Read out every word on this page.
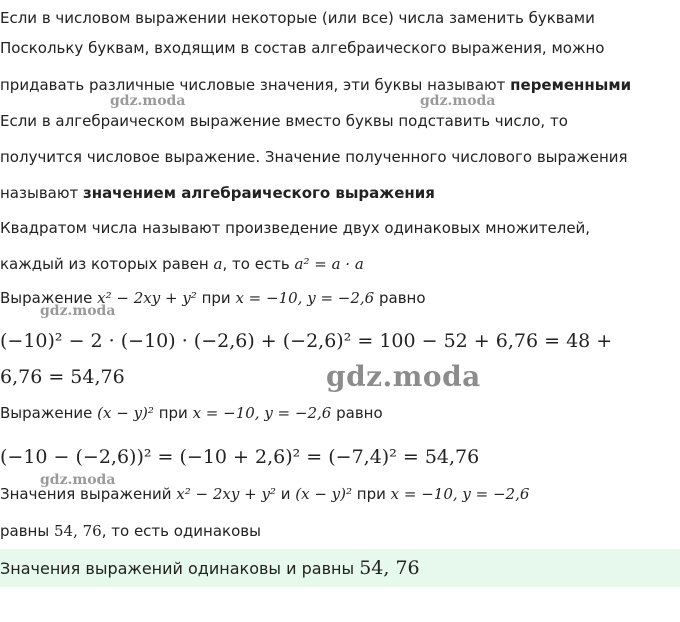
Если в числовом выражении некоторые (или все) числа заменить буквами
Поскольку буквам, входящим в состав алгебраического выражения, можно
придавать различные числовые значения, эти буквы называют переменными
Если в алгебраическом выражение вместо буквы подставить число, то
получится числовое выражение. Значение полученного числового выражения
называют значением алгебраического выражения
Квадратом числа называют произведение двух одинаковых множителей,
каждый из которых равен a, то есть a² = a · a
Выражение x² − 2xy + y² при x = −10, y = −2,6 равно
(−10)² − 2 · (−10) · (−2,6) + (−2,6)² = 100 − 52 + 6,76 = 48 +
6,76 = 54,76
Выражение (x − y)² при x = −10, y = −2,6 равно
(−10 − (−2,6))² = (−10 + 2,6)² = (−7,4)² = 54,76
Значения выражений x² − 2xy + y² и (x − y)² при x = −10, y = −2,6
равны 54, 76, то есть одинаковы
Значения выражений одинаковы и равны 54, 76
gdz.moda	gdz.moda
gdz.moda
gdz.moda
gdz.moda
